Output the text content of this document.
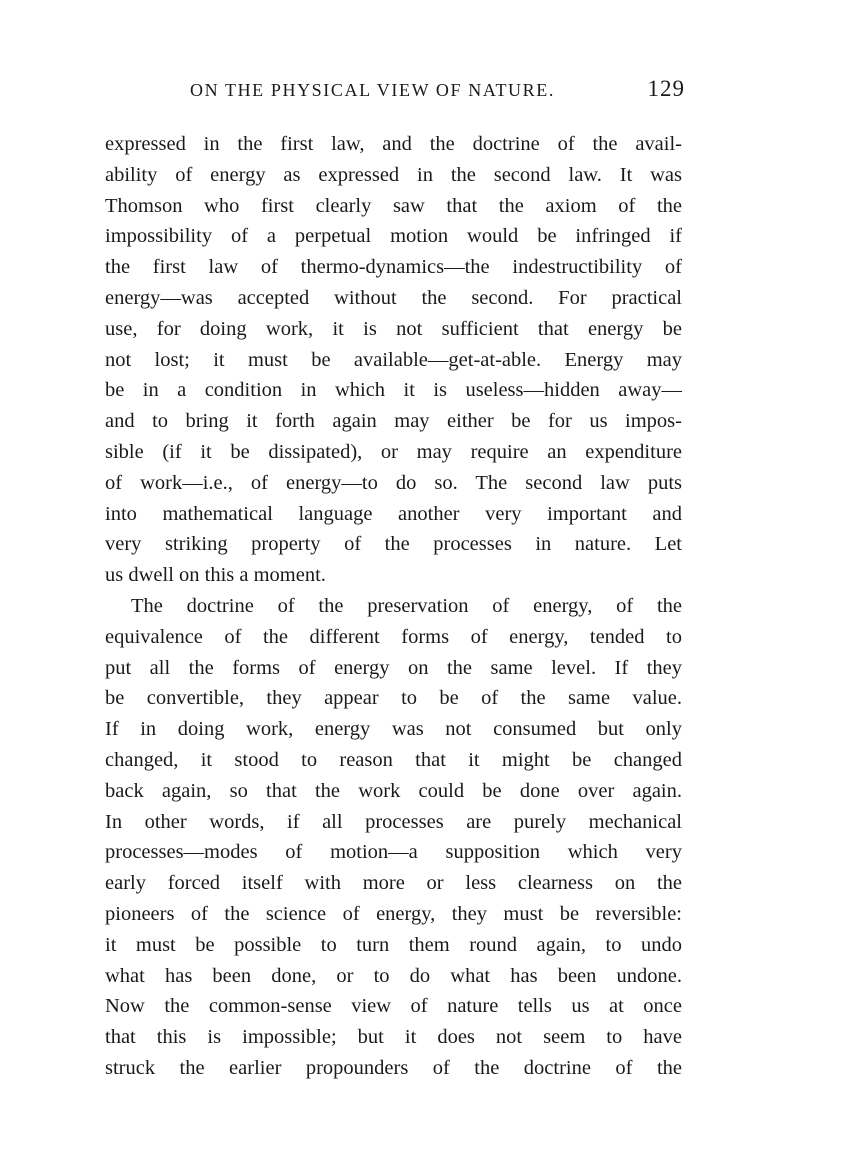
ON THE PHYSICAL VIEW OF NATURE.	129
expressed in the first law, and the doctrine of the avail-
ability of energy as expressed in the second law. It was
Thomson who first clearly saw that the axiom of the
impossibility of a perpetual motion would be infringed if
the first law of thermo-dynamics—the indestructibility of
energy—was accepted without the second. For practical
use, for doing work, it is not sufficient that energy be
not lost; it must be available—get-at-able. Energy may
be in a condition in which it is useless—hidden away—
and to bring it forth again may either be for us impos-
sible (if it be dissipated), or may require an expenditure
of work—i.e., of energy—to do so. The second law puts
into mathematical language another very important and
very striking property of the processes in nature. Let
us dwell on this a moment.
The doctrine of the preservation of energy, of the
equivalence of the different forms of energy, tended to
put all the forms of energy on the same level. If they
be convertible, they appear to be of the same value.
If in doing work, energy was not consumed but only
changed, it stood to reason that it might be changed
back again, so that the work could be done over again.
In other words, if all processes are purely mechanical
processes—modes of motion—a supposition which very
early forced itself with more or less clearness on the
pioneers of the science of energy, they must be reversible:
it must be possible to turn them round again, to undo
what has been done, or to do what has been undone.
Now the common-sense view of nature tells us at once
that this is impossible; but it does not seem to have
struck the earlier propounders of the doctrine of the
